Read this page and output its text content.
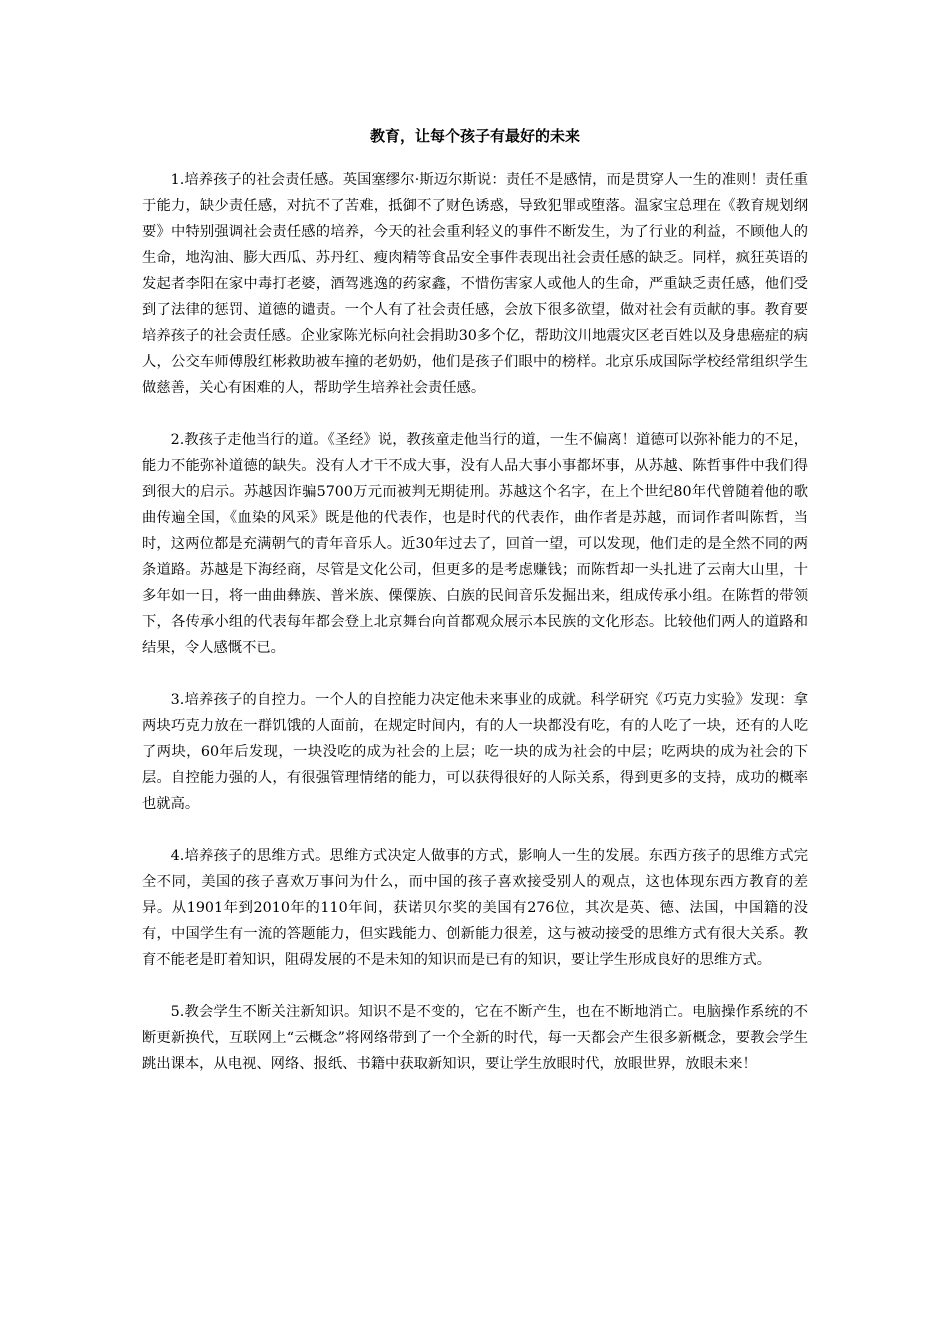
教育，让每个孩子有最好的未来

1.培养孩子的社会责任感。英国塞缪尔·斯迈尔斯说：责任不是感情，而是贯穿人一生的准则！责任重于能力，缺少责任感，对抗不了苦难，抵御不了财色诱惑，导致犯罪或堕落。温家宝总理在《教育规划纲要》中特别强调社会责任感的培养，今天的社会重利轻义的事件不断发生，为了行业的利益，不顾他人的生命，地沟油、膨大西瓜、苏丹红、瘦肉精等食品安全事件表现出社会责任感的缺乏。同样，疯狂英语的发起者李阳在家中毒打老婆，酒驾逃逸的药家鑫，不惜伤害家人或他人的生命，严重缺乏责任感，他们受到了法律的惩罚、道德的谴责。一个人有了社会责任感，会放下很多欲望，做对社会有贡献的事。教育要培养孩子的社会责任感。企业家陈光标向社会捐助30多个亿，帮助汶川地震灾区老百姓以及身患癌症的病人，公交车师傅殷红彬救助被车撞的老奶奶，他们是孩子们眼中的榜样。北京乐成国际学校经常组织学生做慈善，关心有困难的人，帮助学生培养社会责任感。

2.教孩子走他当行的道。《圣经》说，教孩童走他当行的道，一生不偏离！道德可以弥补能力的不足，能力不能弥补道德的缺失。没有人才干不成大事，没有人品大事小事都坏事，从苏越、陈哲事件中我们得到很大的启示。苏越因诈骗5700万元而被判无期徒刑。苏越这个名字，在上个世纪80年代曾随着他的歌曲传遍全国，《血染的风采》既是他的代表作，也是时代的代表作，曲作者是苏越，而词作者叫陈哲，当时，这两位都是充满朝气的青年音乐人。近30年过去了，回首一望，可以发现，他们走的是全然不同的两条道路。苏越是下海经商，尽管是文化公司，但更多的是考虑赚钱；而陈哲却一头扎进了云南大山里，十多年如一日，将一曲曲彝族、普米族、傈僳族、白族的民间音乐发掘出来，组成传承小组。在陈哲的带领下，各传承小组的代表每年都会登上北京舞台向首都观众展示本民族的文化形态。比较他们两人的道路和结果，令人感慨不已。

3.培养孩子的自控力。一个人的自控能力决定他未来事业的成就。科学研究《巧克力实验》发现：拿两块巧克力放在一群饥饿的人面前，在规定时间内，有的人一块都没有吃，有的人吃了一块，还有的人吃了两块，60年后发现，一块没吃的成为社会的上层；吃一块的成为社会的中层；吃两块的成为社会的下层。自控能力强的人，有很强管理情绪的能力，可以获得很好的人际关系，得到更多的支持，成功的概率也就高。

4.培养孩子的思维方式。思维方式决定人做事的方式，影响人一生的发展。东西方孩子的思维方式完全不同，美国的孩子喜欢万事问为什么，而中国的孩子喜欢接受别人的观点，这也体现东西方教育的差异。从1901年到2010年的110年间，获诺贝尔奖的美国有276位，其次是英、德、法国，中国籍的没有，中国学生有一流的答题能力，但实践能力、创新能力很差，这与被动接受的思维方式有很大关系。教育不能老是盯着知识，阻碍发展的不是未知的知识而是已有的知识，要让学生形成良好的思维方式。

5.教会学生不断关注新知识。知识不是不变的，它在不断产生，也在不断地消亡。电脑操作系统的不断更新换代，互联网上“云概念”将网络带到了一个全新的时代，每一天都会产生很多新概念，要教会学生跳出课本，从电视、网络、报纸、书籍中获取新知识，要让学生放眼时代，放眼世界，放眼未来！
